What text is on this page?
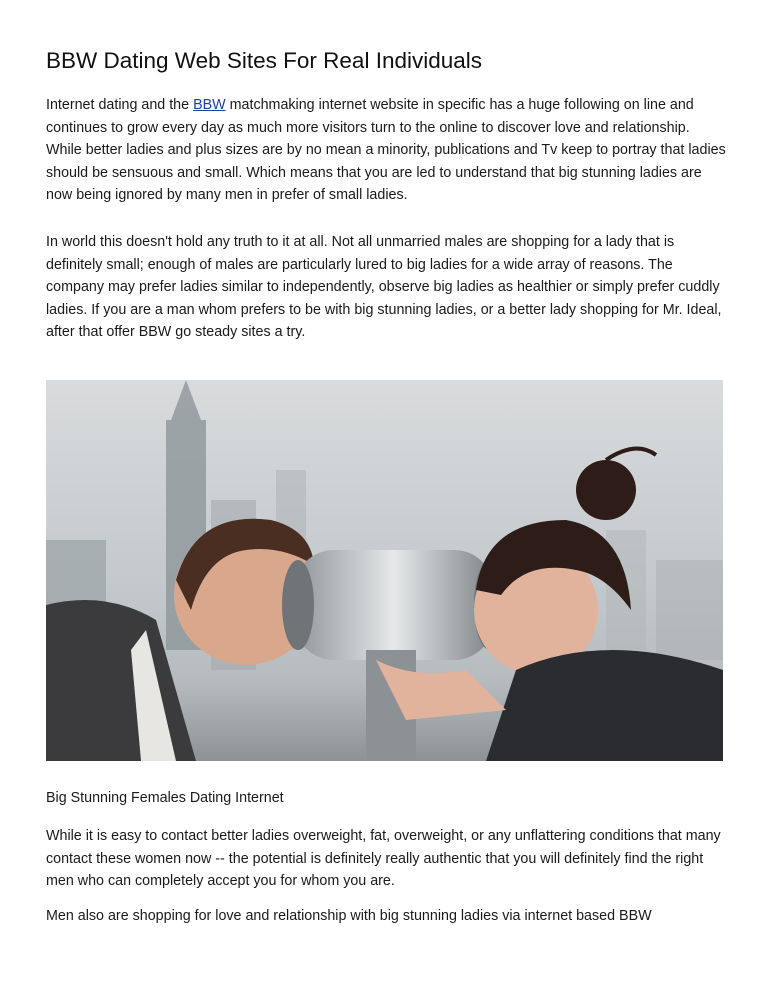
BBW Dating Web Sites For Real Individuals

Internet dating and the BBW matchmaking internet website in specific has a huge following on line and continues to grow every day as much more visitors turn to the online to discover love and relationship. While better ladies and plus sizes are by no mean a minority, publications and Tv keep to portray that ladies should be sensuous and small. Which means that you are led to understand that big stunning ladies are now being ignored by many men in prefer of small ladies.

In world this doesn't hold any truth to it at all. Not all unmarried males are shopping for a lady that is definitely small; enough of males are particularly lured to big ladies for a wide array of reasons. The company may prefer ladies similar to independently, observe big ladies as healthier or simply prefer cuddly ladies. If you are a man whom prefers to be with big stunning ladies, or a better lady shopping for Mr. Ideal, after that offer BBW go steady sites a try.

Big Stunning Females Dating Internet

While it is easy to contact better ladies overweight, fat, overweight, or any unflattering conditions that many contact these women now -- the potential is definitely really authentic that you will definitely find the right men who can completely accept you for whom you are.

Men also are shopping for love and relationship with big stunning ladies via internet based BBW
